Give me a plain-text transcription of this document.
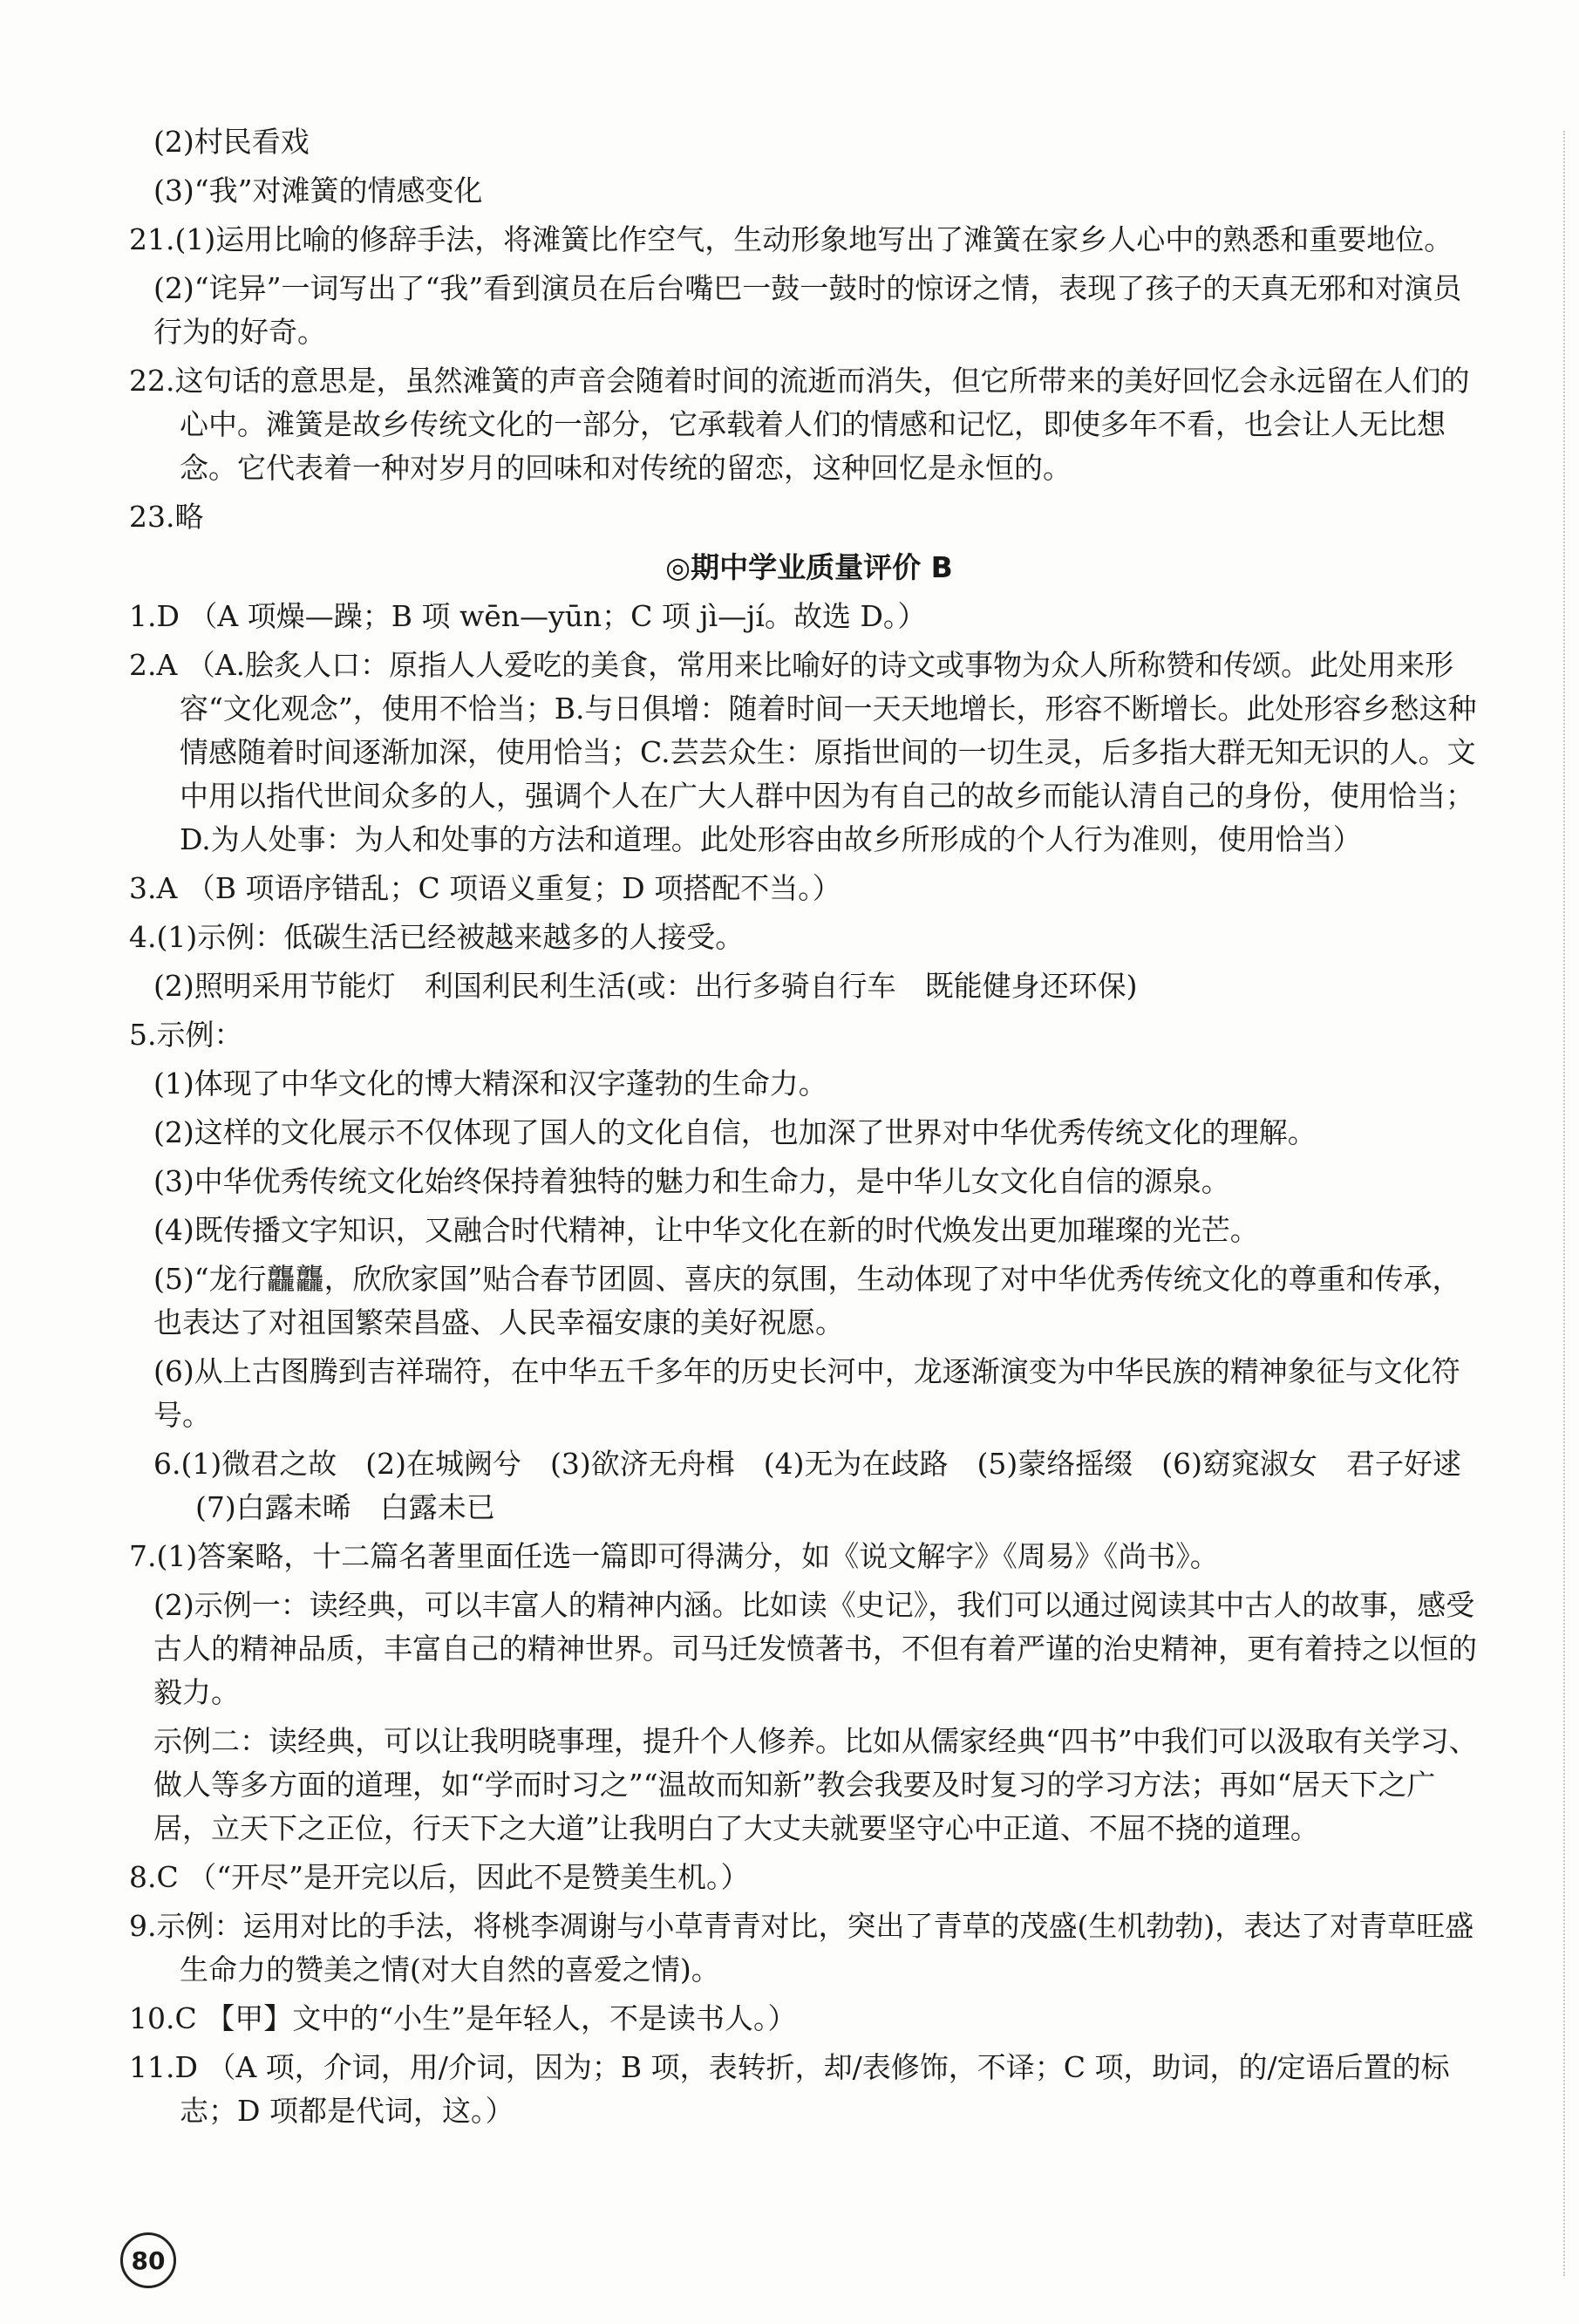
(2)村民看戏
(3)“我”对滩簧的情感变化
21.(1)运用比喻的修辞手法，将滩簧比作空气，生动形象地写出了滩簧在家乡人心中的熟悉和重要地位。
(2)“诧异”一词写出了“我”看到演员在后台嘴巴一鼓一鼓时的惊讶之情，表现了孩子的天真无邪和对演员行为的好奇。
22.这句话的意思是，虽然滩簧的声音会随着时间的流逝而消失，但它所带来的美好回忆会永远留在人们的心中。滩簧是故乡传统文化的一部分，它承载着人们的情感和记忆，即使多年不看，也会让人无比想念。它代表着一种对岁月的回味和对传统的留恋，这种回忆是永恒的。
23.略
◎期中学业质量评价 B
1.D （A 项燥—躁；B 项 wēn—yūn；C 项 jì—jí。故选 D。）
2.A （A.脍炙人口：原指人人爱吃的美食，常用来比喻好的诗文或事物为众人所称赞和传颂。此处用来形容“文化观念”，使用不恰当；B.与日俱增：随着时间一天天地增长，形容不断增长。此处形容乡愁这种情感随着时间逐渐加深，使用恰当；C.芸芸众生：原指世间的一切生灵，后多指大群无知无识的人。文中用以指代世间众多的人，强调个人在广大人群中因为有自己的故乡而能认清自己的身份，使用恰当；D.为人处事：为人和处事的方法和道理。此处形容由故乡所形成的个人行为准则，使用恰当）
3.A （B 项语序错乱；C 项语义重复；D 项搭配不当。）
4.(1)示例：低碳生活已经被越来越多的人接受。
(2)照明采用节能灯　利国利民利生活(或：出行多骑自行车　既能健身还环保)
5.示例：
(1)体现了中华文化的博大精深和汉字蓬勃的生命力。
(2)这样的文化展示不仅体现了国人的文化自信，也加深了世界对中华优秀传统文化的理解。
(3)中华优秀传统文化始终保持着独特的魅力和生命力，是中华儿女文化自信的源泉。
(4)既传播文字知识，又融合时代精神，让中华文化在新的时代焕发出更加璀璨的光芒。
(5)“龙行龘龘，欣欣家国”贴合春节团圆、喜庆的氛围，生动体现了对中华优秀传统文化的尊重和传承，也表达了对祖国繁荣昌盛、人民幸福安康的美好祝愿。
(6)从上古图腾到吉祥瑞符，在中华五千多年的历史长河中，龙逐渐演变为中华民族的精神象征与文化符号。
6.(1)微君之故　(2)在城阙兮　(3)欲济无舟楫　(4)无为在歧路　(5)蒙络摇缀　(6)窈窕淑女　君子好逑　(7)白露未晞　白露未已
7.(1)答案略，十二篇名著里面任选一篇即可得满分，如《说文解字》《周易》《尚书》。
(2)示例一：读经典，可以丰富人的精神内涵。比如读《史记》，我们可以通过阅读其中古人的故事，感受古人的精神品质，丰富自己的精神世界。司马迁发愤著书，不但有着严谨的治史精神，更有着持之以恒的毅力。
示例二：读经典，可以让我明晓事理，提升个人修养。比如从儒家经典“四书”中我们可以汲取有关学习、做人等多方面的道理，如“学而时习之”“温故而知新”教会我要及时复习的学习方法；再如“居天下之广居，立天下之正位，行天下之大道”让我明白了大丈夫就要坚守心中正道、不屈不挠的道理。
8.C （“开尽”是开完以后，因此不是赞美生机。）
9.示例：运用对比的手法，将桃李凋谢与小草青青对比，突出了青草的茂盛(生机勃勃)，表达了对青草旺盛生命力的赞美之情(对大自然的喜爱之情)。
10.C 【甲】文中的“小生”是年轻人，不是读书人。）
11.D （A 项，介词，用/介词，因为；B 项，表转折，却/表修饰，不译；C 项，助词，的/定语后置的标志；D 项都是代词，这。）
80
